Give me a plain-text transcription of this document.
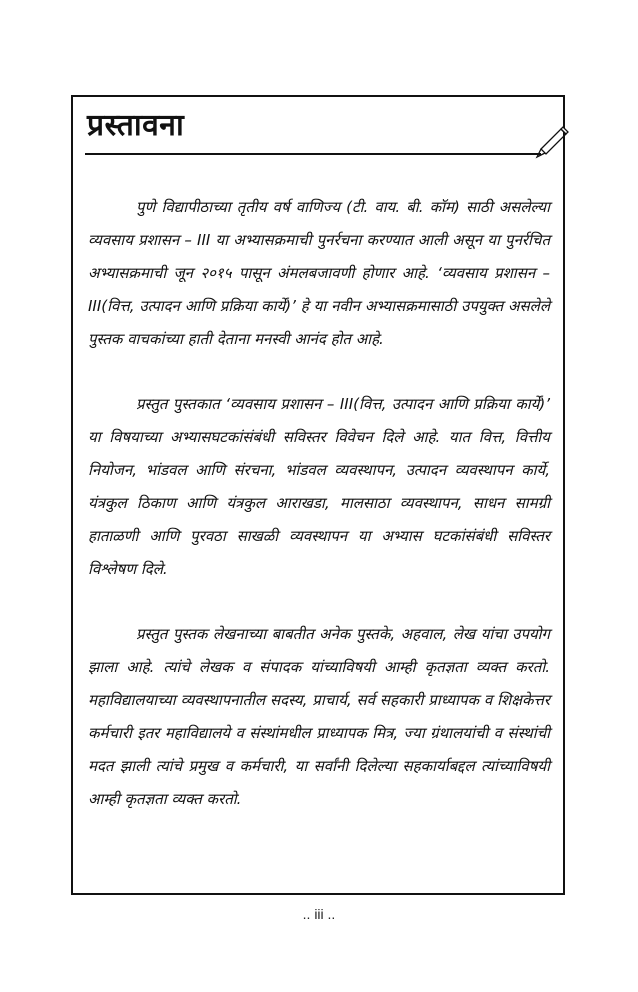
प्रस्तावना

पुणे विद्यापीठाच्या तृतीय वर्ष वाणिज्य (टी. वाय. बी. कॉम) साठी असलेल्या व्यवसाय प्रशासन – III या अभ्यासक्रमाची पुनर्रचना करण्यात आली असून या पुनर्रचित अभ्यासक्रमाची जून २०१५ पासून अंमलबजावणी होणार आहे. ‘व्यवसाय प्रशासन –III(वित्त, उत्पादन आणि प्रक्रिया कार्ये)’ हे या नवीन अभ्यासक्रमासाठी उपयुक्त असलेले पुस्तक वाचकांच्या हाती देताना मनस्वी आनंद होत आहे.

प्रस्तुत पुस्तकात ‘व्यवसाय प्रशासन – III(वित्त, उत्पादन आणि प्रक्रिया कार्ये)’ या विषयाच्या अभ्यासघटकांसंबंधी सविस्तर विवेचन दिले आहे. यात वित्त, वित्तीय नियोजन, भांडवल आणि संरचना, भांडवल व्यवस्थापन, उत्पादन व्यवस्थापन कार्ये, यंत्रकुल ठिकाण आणि यंत्रकुल आराखडा, मालसाठा व्यवस्थापन, साधन सामग्री हाताळणी आणि पुरवठा साखळी व्यवस्थापन या अभ्यास घटकांसंबंधी सविस्तर विश्लेषण दिले.

प्रस्तुत पुस्तक लेखनाच्या बाबतीत अनेक पुस्तके, अहवाल, लेख यांचा उपयोग झाला आहे. त्यांचे लेखक व संपादक यांच्याविषयी आम्ही कृतज्ञता व्यक्त करतो. महाविद्यालयाच्या व्यवस्थापनातील सदस्य, प्राचार्य, सर्व सहकारी प्राध्यापक व शिक्षकेत्तर कर्मचारी इतर महाविद्यालये व संस्थांमधील प्राध्यापक मित्र, ज्या ग्रंथालयांची व संस्थांची मदत झाली त्यांचे प्रमुख व कर्मचारी, या सर्वांनी दिलेल्या सहकार्याबद्दल त्यांच्याविषयी आम्ही कृतज्ञता व्यक्त करतो.

.. iii ..
